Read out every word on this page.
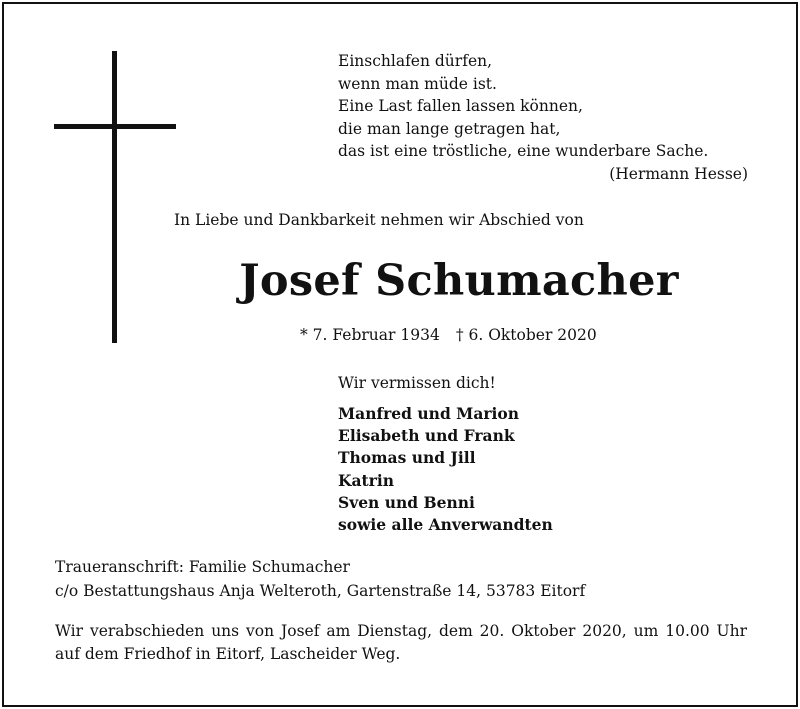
Einschlafen dürfen,
wenn man müde ist.
Eine Last fallen lassen können,
die man lange getragen hat,
das ist eine tröstliche, eine wunderbare Sache.
(Hermann Hesse)
In Liebe und Dankbarkeit nehmen wir Abschied von
Josef Schumacher
* 7. Februar 1934 † 6. Oktober 2020
Wir vermissen dich!
Manfred und Marion
Elisabeth und Frank
Thomas und Jill
Katrin
Sven und Benni
sowie alle Anverwandten
Traueranschrift: Familie Schumacher
c/o Bestattungshaus Anja Welteroth, Gartenstraße 14, 53783 Eitorf
Wir verabschieden uns von Josef am Dienstag, dem 20. Oktober 2020, um 10.00 Uhr auf dem Friedhof in Eitorf, Lascheider Weg.
